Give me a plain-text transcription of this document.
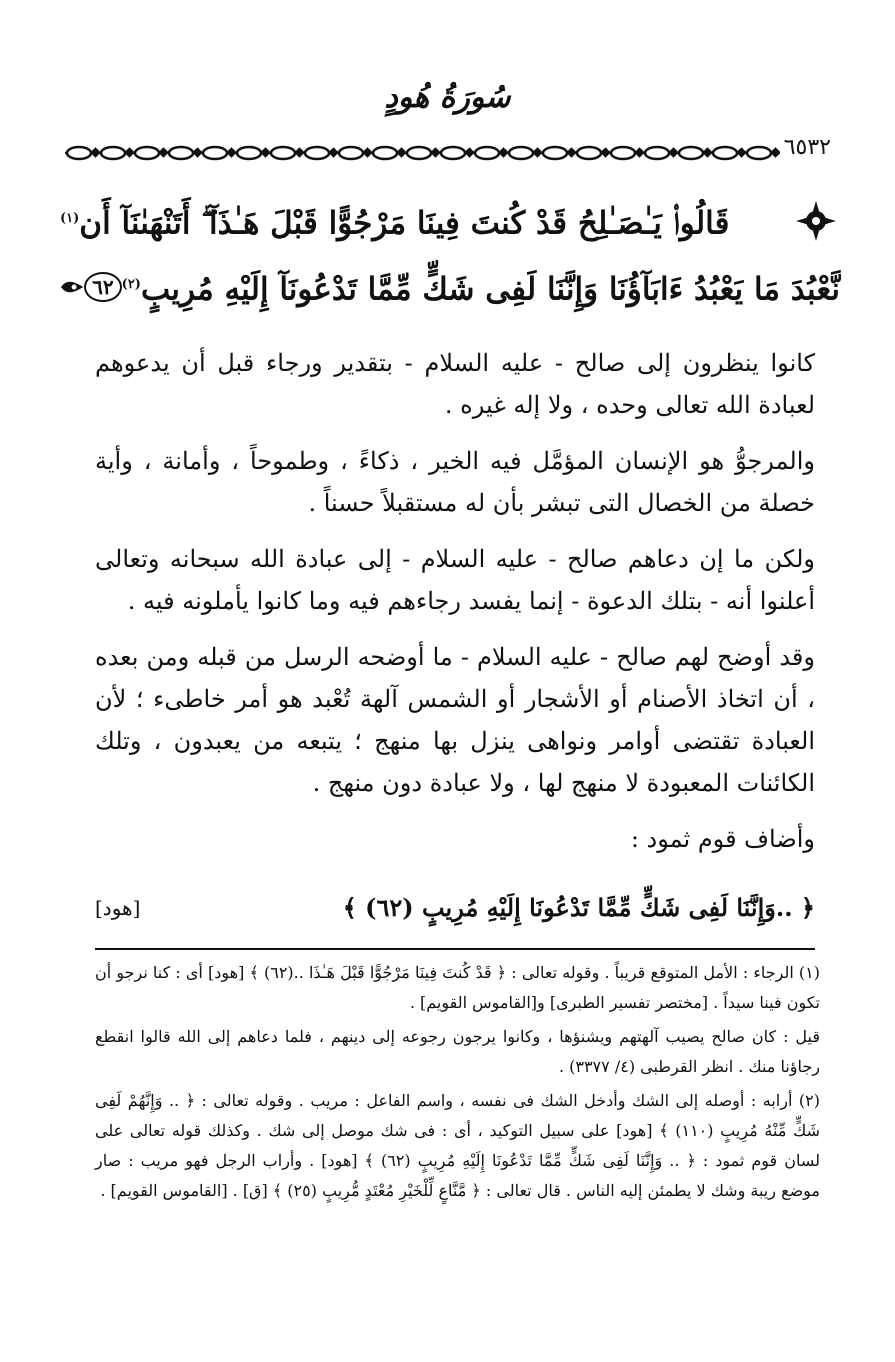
سُورَةُ هُودٍ
٦٥٣٢
قَالُوا۟ يَـٰصَـٰلِحُ قَدْ كُنتَ فِينَا مَرْجُوًّا قَبْلَ هَـٰذَآ ۖ أَتَنْهَىٰنَآ أَن$^{(١)}$
نَّعْبُدَ مَا يَعْبُدُ ءَابَآؤُنَا وَإِنَّنَا لَفِى شَكٍّ مِّمَّا تَدْعُونَآ إِلَيْهِ مُرِيبٍ$^{(٢)}$
٦٢

كانوا ينظرون إلى صالح - عليه السلام - بتقدير ورجاء قبل أن يدعوهم لعبادة الله تعالى وحده ، ولا إله غيره .

والمرجوُّ هو الإنسان المؤمَّل فيه الخير ، ذكاءً ، وطموحاً ، وأمانة ، وأية خصلة من الخصال التى تبشر بأن له مستقبلاً حسناً .

ولكن ما إن دعاهم صالح - عليه السلام - إلى عبادة الله سبحانه وتعالى أعلنوا أنه - بتلك الدعوة - إنما يفسد رجاءهم فيه وما كانوا يأملونه فيه .

وقد أوضح لهم صالح - عليه السلام - ما أوضحه الرسل من قبله ومن بعده ، أن اتخاذ الأصنام أو الأشجار أو الشمس آلهة تُعْبد هو أمر خاطىء ؛ لأن العبادة تقتضى أوامر ونواهى ينزل بها منهج ؛ يتبعه من يعبدون ، وتلك الكائنات المعبودة لا منهج لها ، ولا عبادة دون منهج .

وأضاف قوم ثمود :

﴿ ..وَإِنَّنَا لَفِى شَكٍّ مِّمَّا تَدْعُونَا إِلَيْهِ مُرِيبٍ (٦٢) ﴾
[هود]

(١) الرجاء : الأمل المتوقع قريباً . وقوله تعالى : ﴿ قَدْ كُنتَ فِينَا مَرْجُوًّا قَبْلَ هَـٰذَا ..(٦٢) ﴾ [هود] أى : كنا نرجو أن تكون فينا سيداً . [مختصر تفسير الطبرى] و[القاموس القويم] .

قيل : كان صالح يصيب آلهتهم ويشنؤها ، وكانوا يرجون رجوعه إلى دينهم ، فلما دعاهم إلى الله قالوا انقطع رجاؤنا منك . انظر القرطبى (٤/ ٣٣٧٧) .

(٢) أرابه : أوصله إلى الشك وأدخل الشك فى نفسه ، واسم الفاعل : مريب . وقوله تعالى : ﴿ .. وَإِنَّهُمْ لَفِى شَكٍّ مِّنْهُ مُرِيبٍ (١١٠) ﴾ [هود] على سبيل التوكيد ، أى : فى شك موصل إلى شك . وكذلك قوله تعالى على لسان قوم ثمود : ﴿ .. وَإِنَّنَا لَفِى شَكٍّ مِّمَّا تَدْعُونَا إِلَيْهِ مُرِيبٍ (٦٢) ﴾ [هود] . وأراب الرجل فهو مريب : صار موضع ريبة وشك لا يطمئن إليه الناس . قال تعالى : ﴿ مَّنَّاعٍ لِّلْخَيْرِ مُعْتَدٍ مُّرِيبٍ (٢٥) ﴾ [ق] . [القاموس القويم] .
